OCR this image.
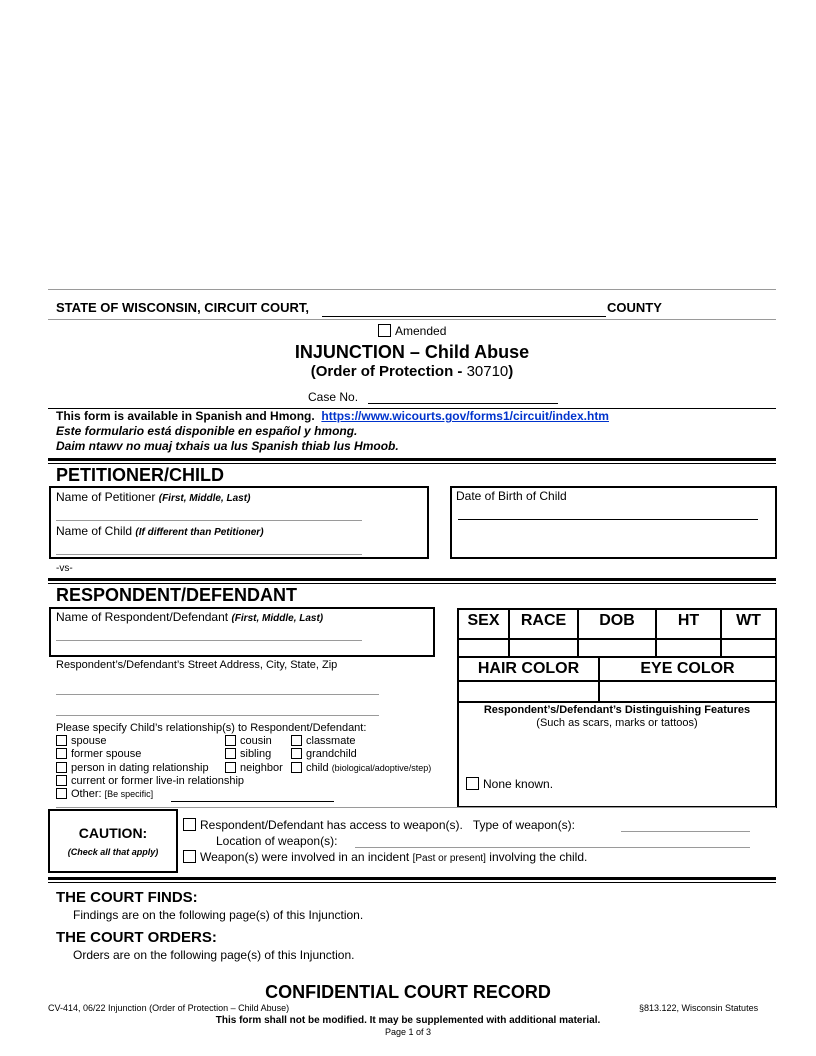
STATE OF WISCONSIN, CIRCUIT COURT,	COUNTY
Amended
INJUNCTION – Child Abuse
(Order of Protection - 30710)
Case No.
This form is available in Spanish and Hmong. https://www.wicourts.gov/forms1/circuit/index.htm
Este formulario está disponible en español y hmong.
Daim ntawv no muaj txhais ua lus Spanish thiab lus Hmoob.
PETITIONER/CHILD
Name of Petitioner (First, Middle, Last)
Name of Child (If different than Petitioner)
Date of Birth of Child
-vs-
RESPONDENT/DEFENDANT
Name of Respondent/Defendant (First, Middle, Last)
Respondent’s/Defendant’s Street Address, City, State, Zip
SEX	RACE	DOB	HT	WT
HAIR COLOR	EYE COLOR
Respondent’s/Defendant’s Distinguishing Features
(Such as scars, marks or tattoos)
None known.
Please specify Child’s relationship(s) to Respondent/Defendant:
spouse
former spouse
person in dating relationship
current or former live-in relationship
Other: [Be specific]
cousin
sibling
neighbor
classmate
grandchild
child (biological/adoptive/step)
CAUTION:
(Check all that apply)
Respondent/Defendant has access to weapon(s). Type of weapon(s):
Location of weapon(s):
Weapon(s) were involved in an incident [Past or present] involving the child.
THE COURT FINDS:
Findings are on the following page(s) of this Injunction.
THE COURT ORDERS:
Orders are on the following page(s) of this Injunction.
CONFIDENTIAL COURT RECORD
CV-414, 06/22 Injunction (Order of Protection – Child Abuse)	§813.122, Wisconsin Statutes
This form shall not be modified. It may be supplemented with additional material.
Page 1 of 3
